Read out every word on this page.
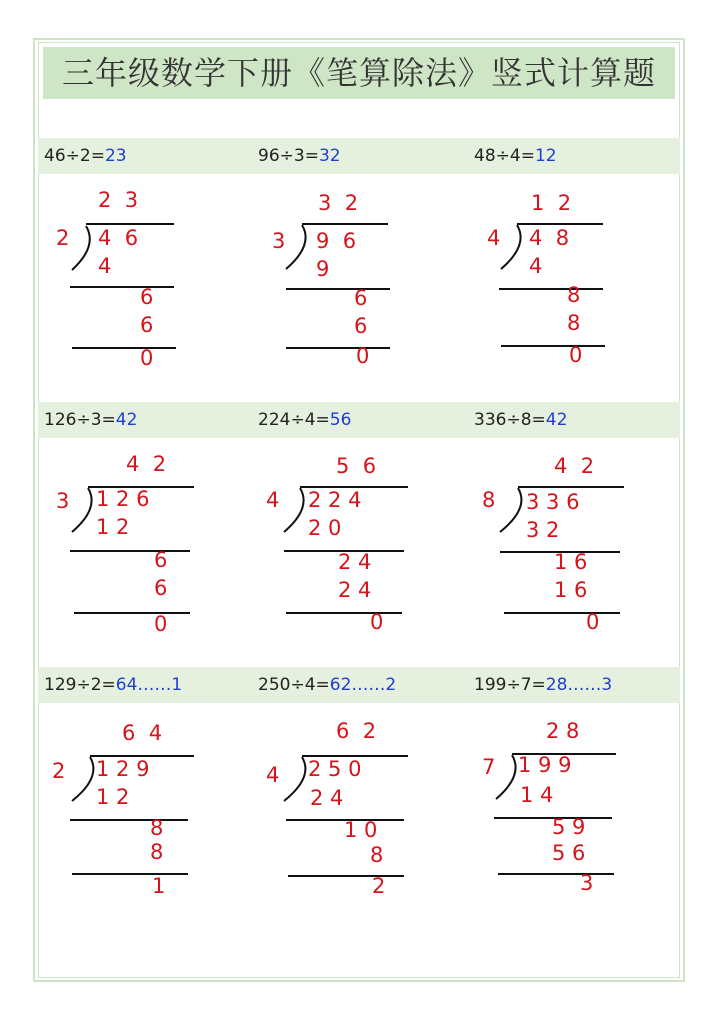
三年级数学下册《笔算除法》竖式计算题
46÷2=23	96÷3=32	48÷4=12
2  3
2 4  6
4
6
6
0
3  2
3 9  6
9
6
6
0
1  2
4 4  8
4
8
8
0
126÷3=42	224÷4=56	336÷8=42
4  2
3 1 2 6
1 2
6
6
0
5  6
4 2 2 4
2 0
2 4
2 4
0
4  2
8 3 3 6
3 2
1 6
1 6
0
129÷2=64……1	250÷4=62……2	199÷7=28……3
6  4
2 1 2 9
1 2
8
8
1
6  2
4 2 5 0
2 4
1 0
8
2
2 8
7 1 9 9
1 4
5 9
5 6
3
